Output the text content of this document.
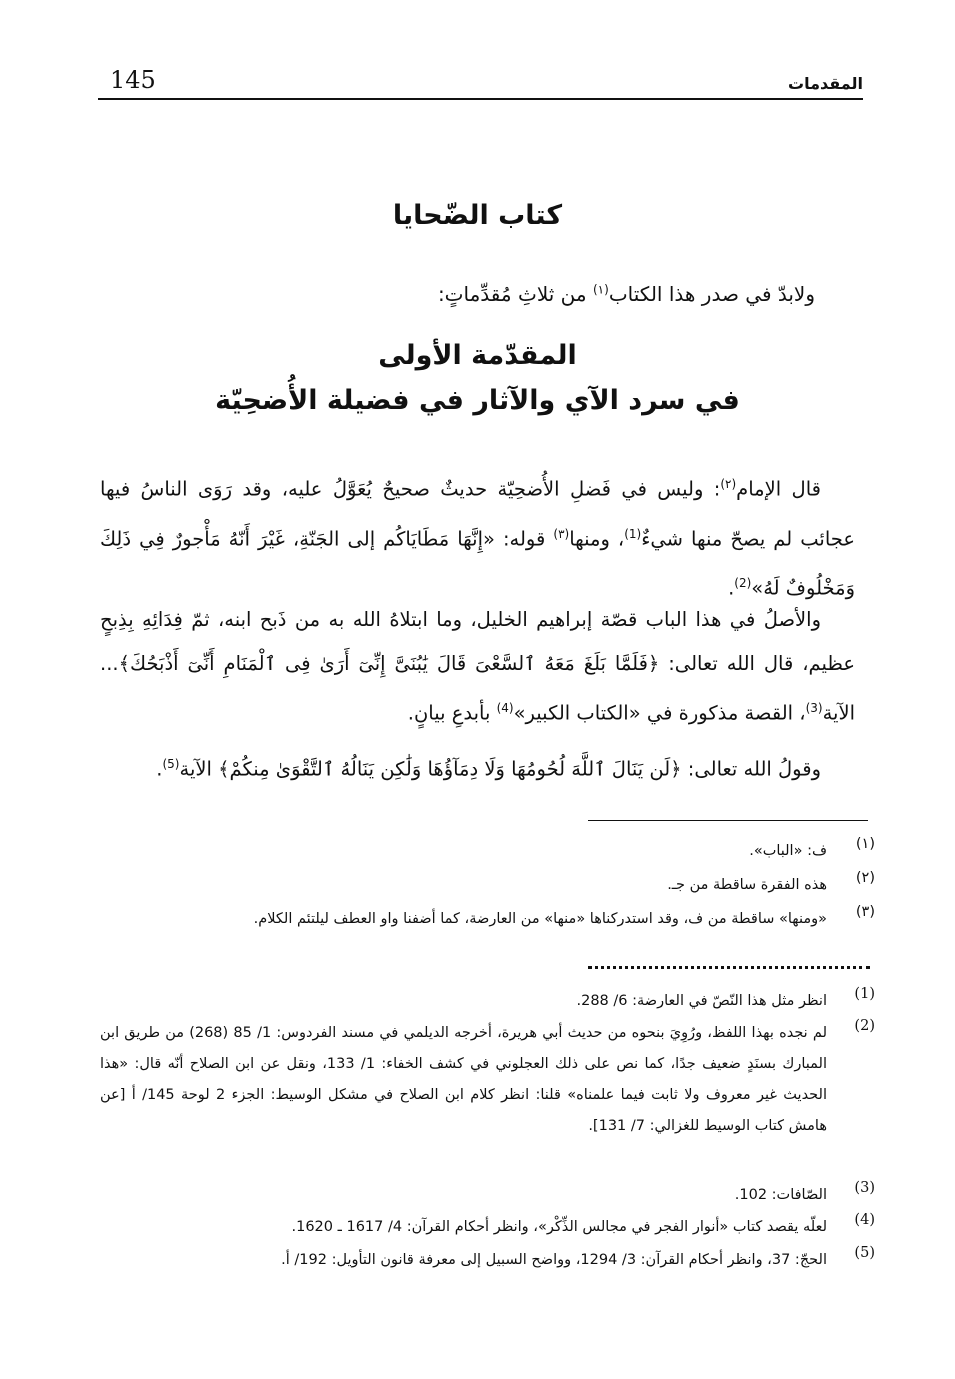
145	المقدمات
كتاب الضّحايا
ولابدّ في صدر هذا الكتاب$^{(١)}$ من ثلاثِ مُقدِّماتٍ:
المقدّمة الأولى
في سرد الآي والآثار في فضيلة الأُضحِيّة
قال الإمام$^{(٢)}$: وليس في فَضلِ الأُضحِيّة حديثٌ صحيحٌ يُعَوَّلُ عليه، وقد رَوَى الناسُ فيها عجائب لم يصحّ منها شيءٌ$^{(1)}$، ومنها$^{(٣)}$ قوله: «إِنَّهَا مَطَايَاكُم إلى الجَنّةِ، غَيْرَ أَنّهُ مَأْجورٌ فِي ذَلِكَ وَمَخْلُوفٌ لَهُ»$^{(2)}$.
والأصلُ في هذا الباب قصّة إبراهيم الخليل، وما ابتلاهُ الله به من ذَبح ابنه، ثمّ فِدَائِهِ بِذِبحٍ عظيم، قال الله تعالى: ﴿فَلَمَّا بَلَغَ مَعَهُ ٱلسَّعْىَ قَالَ يَٰبُنَىَّ إِنِّىٓ أَرَىٰ فِى ٱلْمَنَامِ أَنِّىٓ أَذْبَحُكَ﴾... الآية$^{(3)}$، القصة مذكورة في «الكتاب الكبير»$^{(4)}$ بأبدعِ بيانٍ.
وقولُ الله تعالى: ﴿لَن يَنَالَ ٱللَّهَ لُحُومُهَا وَلَا دِمَآؤُهَا وَلَٰكِن يَنَالُهُ ٱلتَّقْوَىٰ مِنكُمْ﴾ الآية$^{(5)}$.
(١)
ف: «الباب».
(٢)
هذه الفقرة ساقطة من جـ.
(٣)
«ومنها» ساقطة من ف، وقد استدركناها «منها» من العارضة، كما أضفنا واو العطف ليلتئم الكلام.
(1)
انظر مثل هذا النّصّ في العارضة: 6/ 288.
(2)
لم نجده بهذا اللفظ، ورُوِيَ بنحوه من حديث أبي هريرة، أخرجه الديلمي في مسند الفردوس: 1/ 85 (268) من طريق ابن المبارك بسنَدٍ ضعيف جدًا، كما نص على ذلك العجلوني في كشف الخفاء: 1/ 133، ونقل عن ابن الصلاح أنّه قال: «هذا الحديث غير معروف ولا ثابت فيما علمناه» قلنا: انظر كلام ابن الصلاح في مشكل الوسيط: الجزء 2 لوحة 145/ أ [عن هامش كتاب الوسيط للغزالي: 7/ 131].
(3)
الصّافات: 102.
(4)
لعلّه يقصد كتاب «أنوار الفجر في مجالس الذِّكْر»، وانظر أحكام القرآن: 4/ 1617 ـ 1620.
(5)
الحجّ: 37، وانظر أحكام القرآن: 3/ 1294، وواضح السبيل إلى معرفة قانون التأويل: 192/ أ.
